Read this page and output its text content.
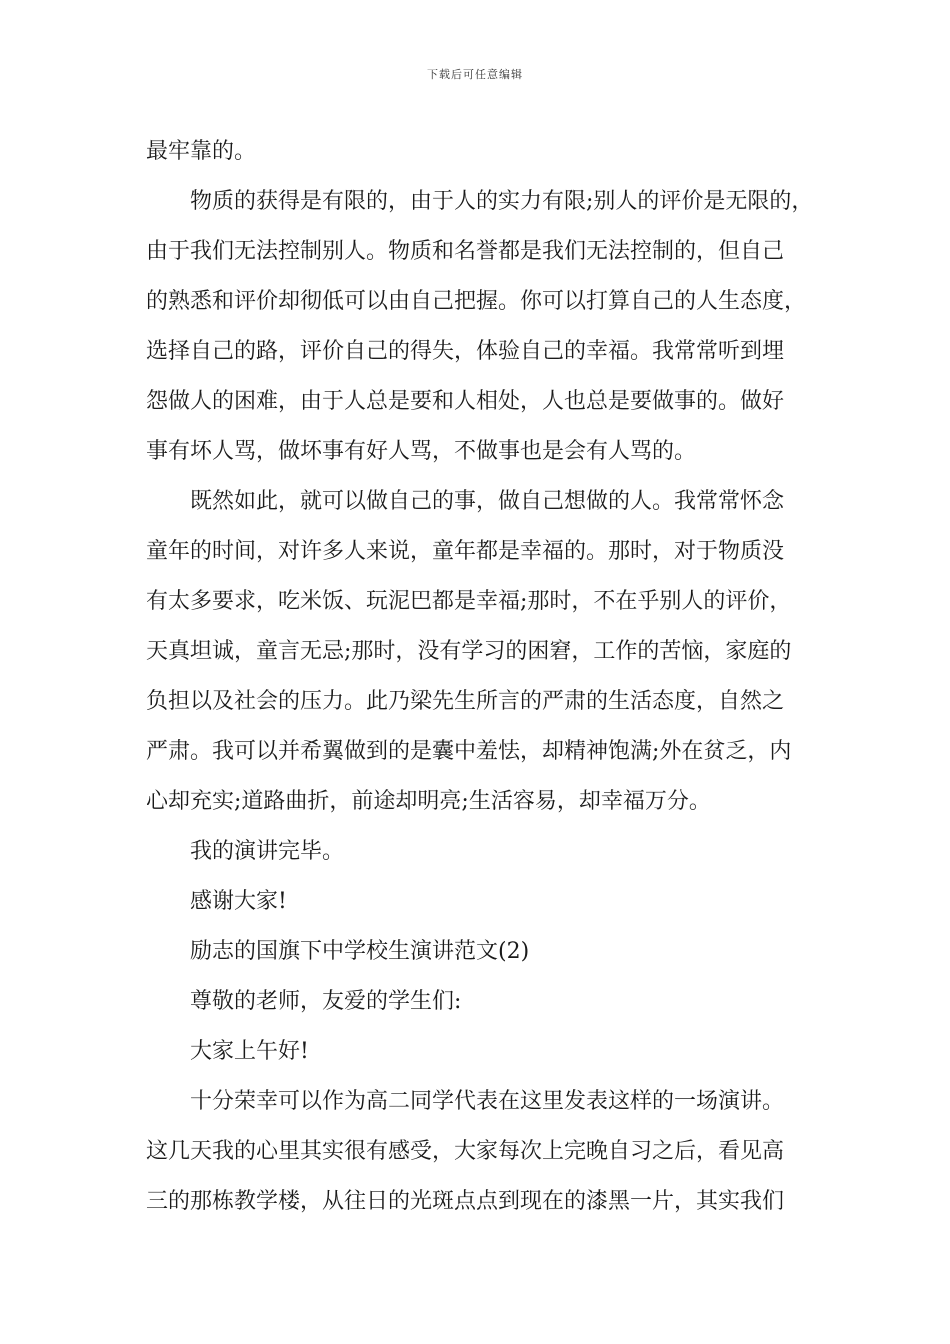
下载后可任意编辑
最牢靠的。
物质的获得是有限的，由于人的实力有限;别人的评价是无限的，
由于我们无法控制别人。物质和名誉都是我们无法控制的，但自己
的熟悉和评价却彻低可以由自己把握。你可以打算自己的人生态度，
选择自己的路，评价自己的得失，体验自己的幸福。我常常听到埋
怨做人的困难，由于人总是要和人相处，人也总是要做事的。做好
事有坏人骂，做坏事有好人骂，不做事也是会有人骂的。
既然如此，就可以做自己的事，做自己想做的人。我常常怀念
童年的时间，对许多人来说，童年都是幸福的。那时，对于物质没
有太多要求，吃米饭、玩泥巴都是幸福;那时，不在乎别人的评价，
天真坦诚，童言无忌;那时，没有学习的困窘，工作的苦恼，家庭的
负担以及社会的压力。此乃梁先生所言的严肃的生活态度，自然之
严肃。我可以并希翼做到的是囊中羞怯，却精神饱满;外在贫乏，内
心却充实;道路曲折，前途却明亮;生活容易，却幸福万分。
我的演讲完毕。
感谢大家!
励志的国旗下中学校生演讲范文(2)
尊敬的老师，友爱的学生们:
大家上午好!
十分荣幸可以作为高二同学代表在这里发表这样的一场演讲。
这几天我的心里其实很有感受，大家每次上完晚自习之后，看见高
三的那栋教学楼，从往日的光斑点点到现在的漆黑一片，其实我们
